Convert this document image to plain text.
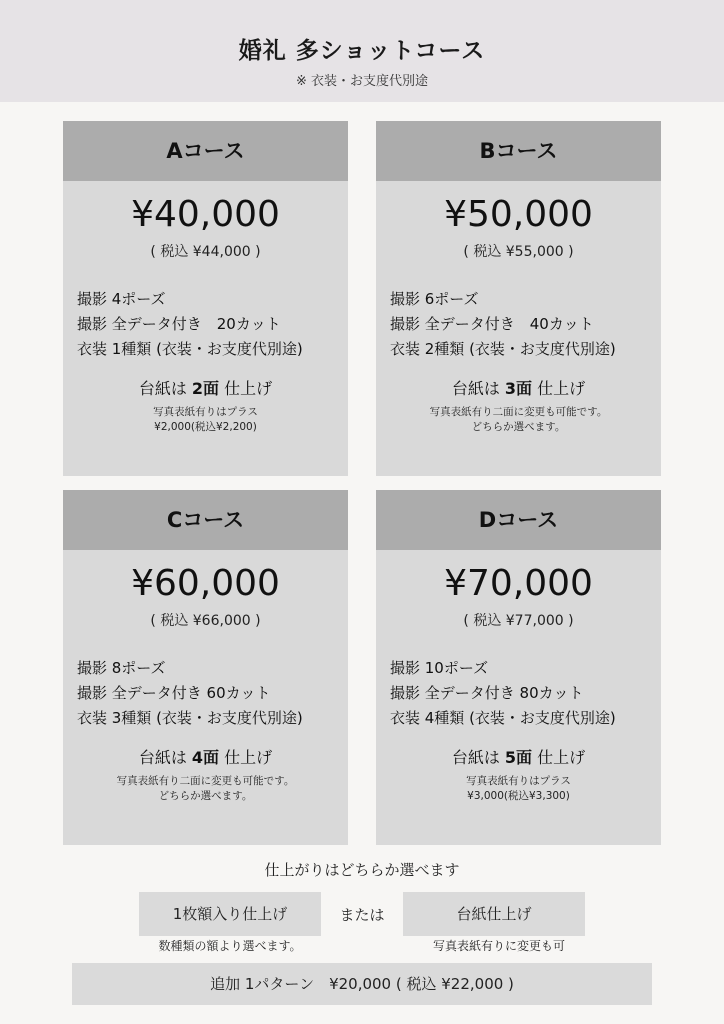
婚礼 多ショットコース
※ 衣装・お支度代別途
Aコース
¥40,000
( 税込 ¥44,000 )
撮影 4ポーズ
撮影 全データ付き　20カット
衣装 1種類 (衣装・お支度代別途)
台紙は 2面 仕上げ
写真表紙有りはプラス
¥2,000(税込¥2,200)
Bコース
¥50,000
( 税込 ¥55,000 )
撮影 6ポーズ
撮影 全データ付き　40カット
衣装 2種類 (衣装・お支度代別途)
台紙は 3面 仕上げ
写真表紙有り二面に変更も可能です。
どちらか選べます。
Cコース
¥60,000
( 税込 ¥66,000 )
撮影 8ポーズ
撮影 全データ付き 60カット
衣装 3種類 (衣装・お支度代別途)
台紙は 4面 仕上げ
写真表紙有り二面に変更も可能です。
どちらか選べます。
Dコース
¥70,000
( 税込 ¥77,000 )
撮影 10ポーズ
撮影 全データ付き 80カット
衣装 4種類 (衣装・お支度代別途)
台紙は 5面 仕上げ
写真表紙有りはプラス
¥3,000(税込¥3,300)
仕上がりはどちらか選べます
1枚額入り仕上げ	または	台紙仕上げ
数種類の額より選べます。	写真表紙有りに変更も可
追加 1パターン　¥20,000 ( 税込 ¥22,000 )
